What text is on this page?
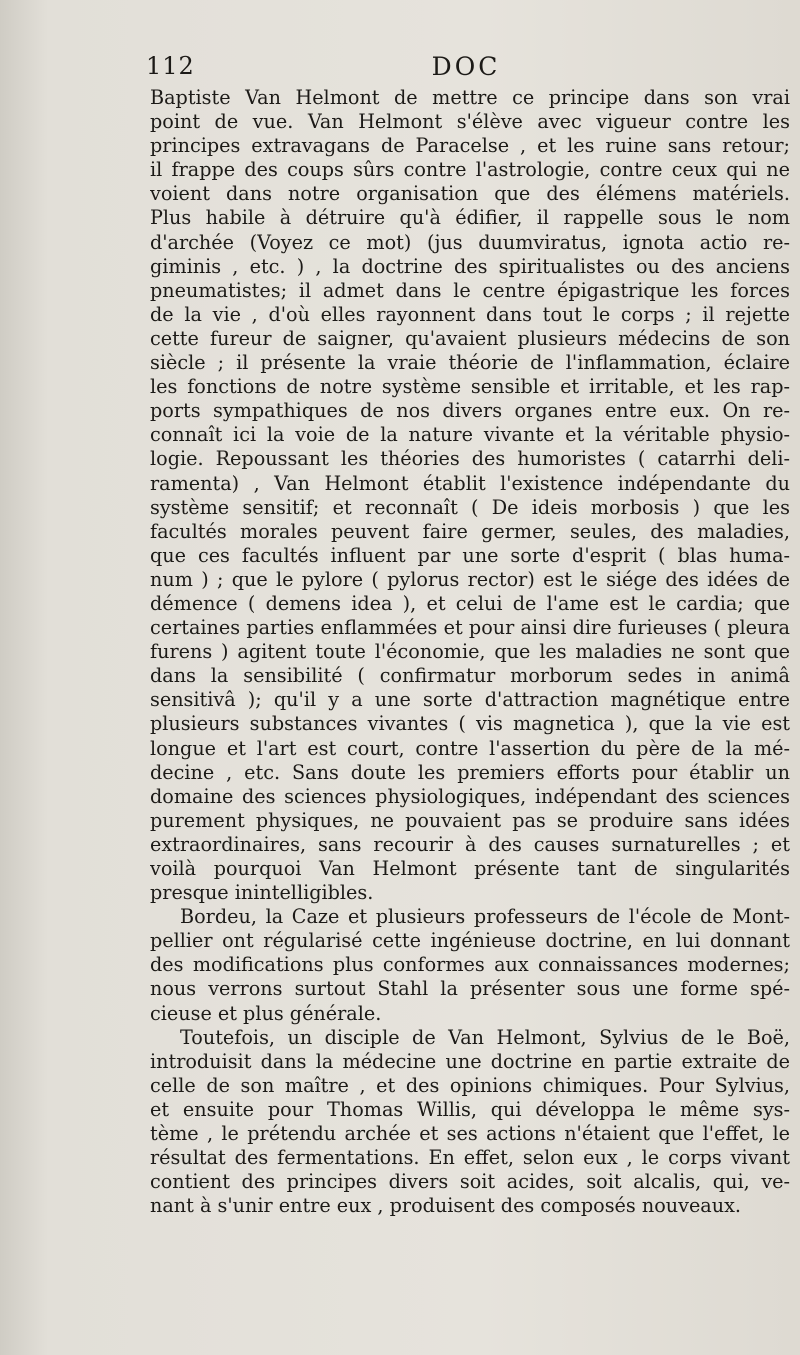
112	DOC
Baptiste Van Helmont de mettre ce principe dans son vrai
point de vue. Van Helmont s'élève avec vigueur contre les
principes extravagans de Paracelse , et les ruine sans retour;
il frappe des coups sûrs contre l'astrologie, contre ceux qui ne
voient dans notre organisation que des élémens matériels.
Plus habile à détruire qu'à édifier, il rappelle sous le nom
d'archée (Voyez ce mot) (jus duumviratus, ignota actio re-
giminis , etc. ) , la doctrine des spiritualistes ou des anciens
pneumatistes; il admet dans le centre épigastrique les forces
de la vie , d'où elles rayonnent dans tout le corps ; il rejette
cette fureur de saigner, qu'avaient plusieurs médecins de son
siècle ; il présente la vraie théorie de l'inflammation, éclaire
les fonctions de notre système sensible et irritable, et les rap-
ports sympathiques de nos divers organes entre eux. On re-
connaît ici la voie de la nature vivante et la véritable physio-
logie. Repoussant les théories des humoristes ( catarrhi deli-
ramenta) , Van Helmont établit l'existence indépendante du
système sensitif; et reconnaît ( De ideis morbosis ) que les
facultés morales peuvent faire germer, seules, des maladies,
que ces facultés influent par une sorte d'esprit ( blas huma-
num ) ; que le pylore ( pylorus rector) est le siége des idées de
démence ( demens idea ), et celui de l'ame est le cardia; que
certaines parties enflammées et pour ainsi dire furieuses ( pleura
furens ) agitent toute l'économie, que les maladies ne sont que
dans la sensibilité ( confirmatur morborum sedes in animâ
sensitivâ ); qu'il y a une sorte d'attraction magnétique entre
plusieurs substances vivantes ( vis magnetica ), que la vie est
longue et l'art est court, contre l'assertion du père de la mé-
decine , etc. Sans doute les premiers efforts pour établir un
domaine des sciences physiologiques, indépendant des sciences
purement physiques, ne pouvaient pas se produire sans idées
extraordinaires, sans recourir à des causes surnaturelles ; et
voilà pourquoi Van Helmont présente tant de singularités
presque inintelligibles.
Bordeu, la Caze et plusieurs professeurs de l'école de Mont-
pellier ont régularisé cette ingénieuse doctrine, en lui donnant
des modifications plus conformes aux connaissances modernes;
nous verrons surtout Stahl la présenter sous une forme spé-
cieuse et plus générale.
Toutefois, un disciple de Van Helmont, Sylvius de le Boë,
introduisit dans la médecine une doctrine en partie extraite de
celle de son maître , et des opinions chimiques. Pour Sylvius,
et ensuite pour Thomas Willis, qui développa le même sys-
tème , le prétendu archée et ses actions n'étaient que l'effet, le
résultat des fermentations. En effet, selon eux , le corps vivant
contient des principes divers soit acides, soit alcalis, qui, ve-
nant à s'unir entre eux , produisent des composés nouveaux.
